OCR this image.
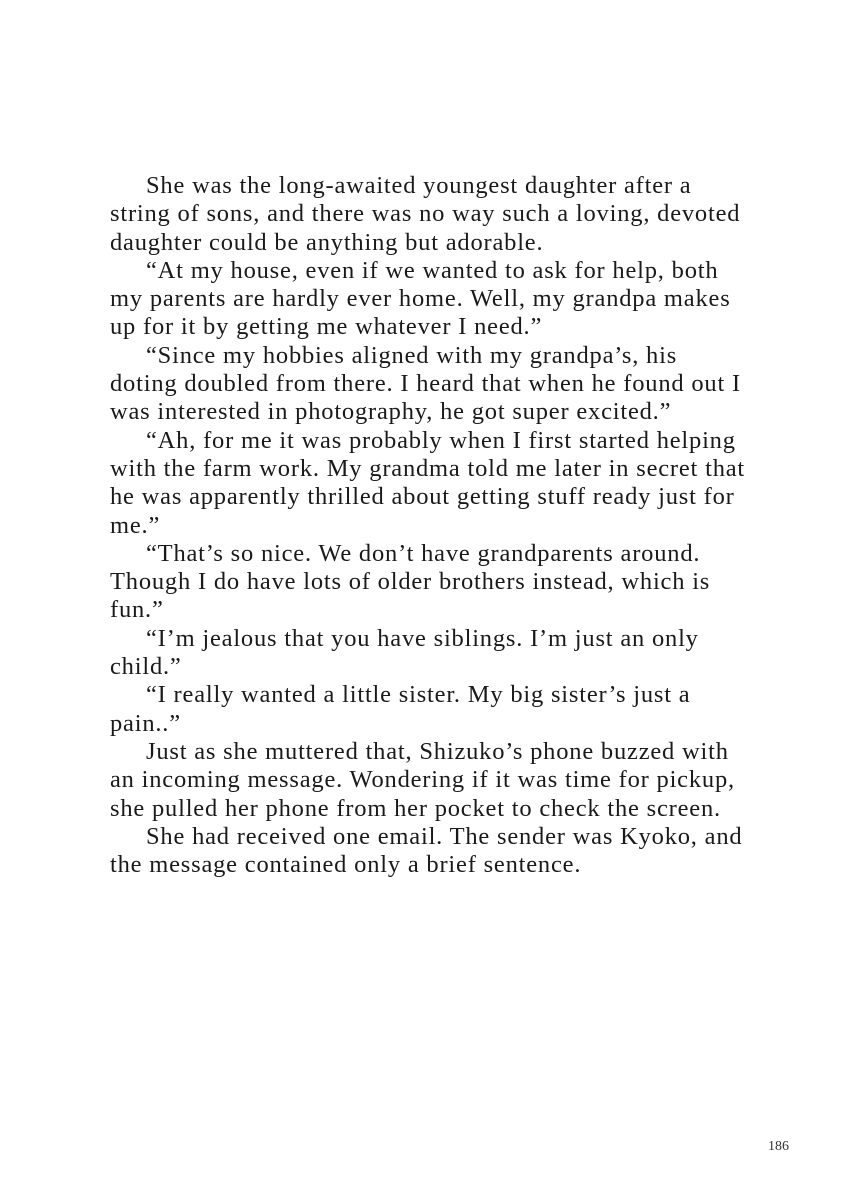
She was the long-awaited youngest daughter after a string of sons, and there was no way such a loving, devoted daughter could be anything but adorable.

“At my house, even if we wanted to ask for help, both my parents are hardly ever home. Well, my grandpa makes up for it by getting me whatever I need.”

“Since my hobbies aligned with my grandpa’s, his doting doubled from there. I heard that when he found out I was interested in photography, he got super excited.”

“Ah, for me it was probably when I first started helping with the farm work. My grandma told me later in secret that he was apparently thrilled about getting stuff ready just for me.”

“That’s so nice. We don’t have grandparents around. Though I do have lots of older brothers instead, which is fun.”

“I’m jealous that you have siblings. I’m just an only child.”

“I really wanted a little sister. My big sister’s just a pain..”

Just as she muttered that, Shizuko’s phone buzzed with an incoming message. Wondering if it was time for pickup, she pulled her phone from her pocket to check the screen.

She had received one email. The sender was Kyoko, and the message contained only a brief sentence.

186
